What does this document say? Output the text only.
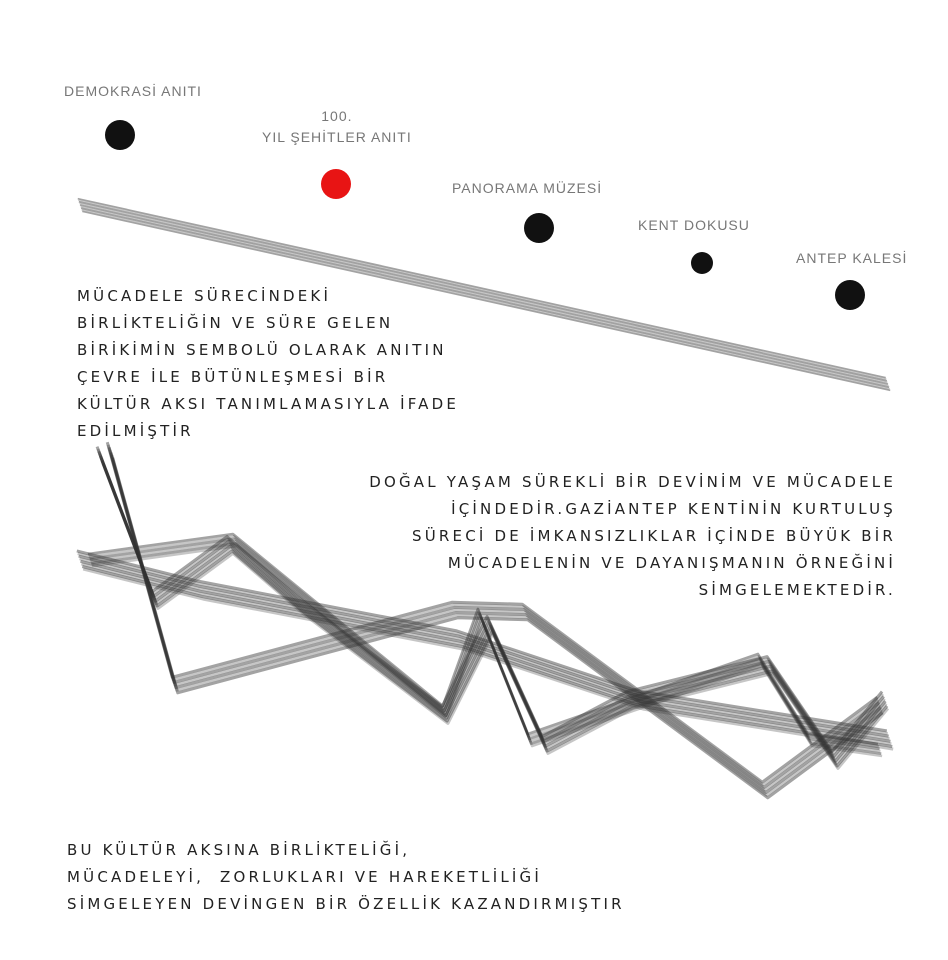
DEMOKRASİ ANITI
100.
YIL ŞEHİTLER ANITI
PANORAMA MÜZESİ
KENT DOKUSU
ANTEP KALESİ
MÜCADELE SÜRECİNDEKİ
BİRLİKTELİĞİN VE SÜRE GELEN
BİRİKİMİN SEMBOLÜ OLARAK ANITIN
ÇEVRE İLE BÜTÜNLEŞMESİ BİR
KÜLTÜR AKSI TANIMLAMASIYLA İFADE
EDİLMİŞTİR
DOĞAL YAŞAM SÜREKLİ BİR DEVİNİM VE MÜCADELE
İÇİNDEDİR.GAZİANTEP KENTİNİN KURTULUŞ
SÜRECİ DE İMKANSIZLIKLAR İÇİNDE BÜYÜK BİR
MÜCADELENİN VE DAYANIŞMANIN ÖRNEĞİNİ
SİMGELEMEKTEDİR.
BU KÜLTÜR AKSINA BİRLİKTELİĞİ,
MÜCADELEYİ,  ZORLUKLARI VE HAREKETLİLİĞİ
SİMGELEYEN DEVİNGEN BİR ÖZELLİK KAZANDIRMIŞTIR
